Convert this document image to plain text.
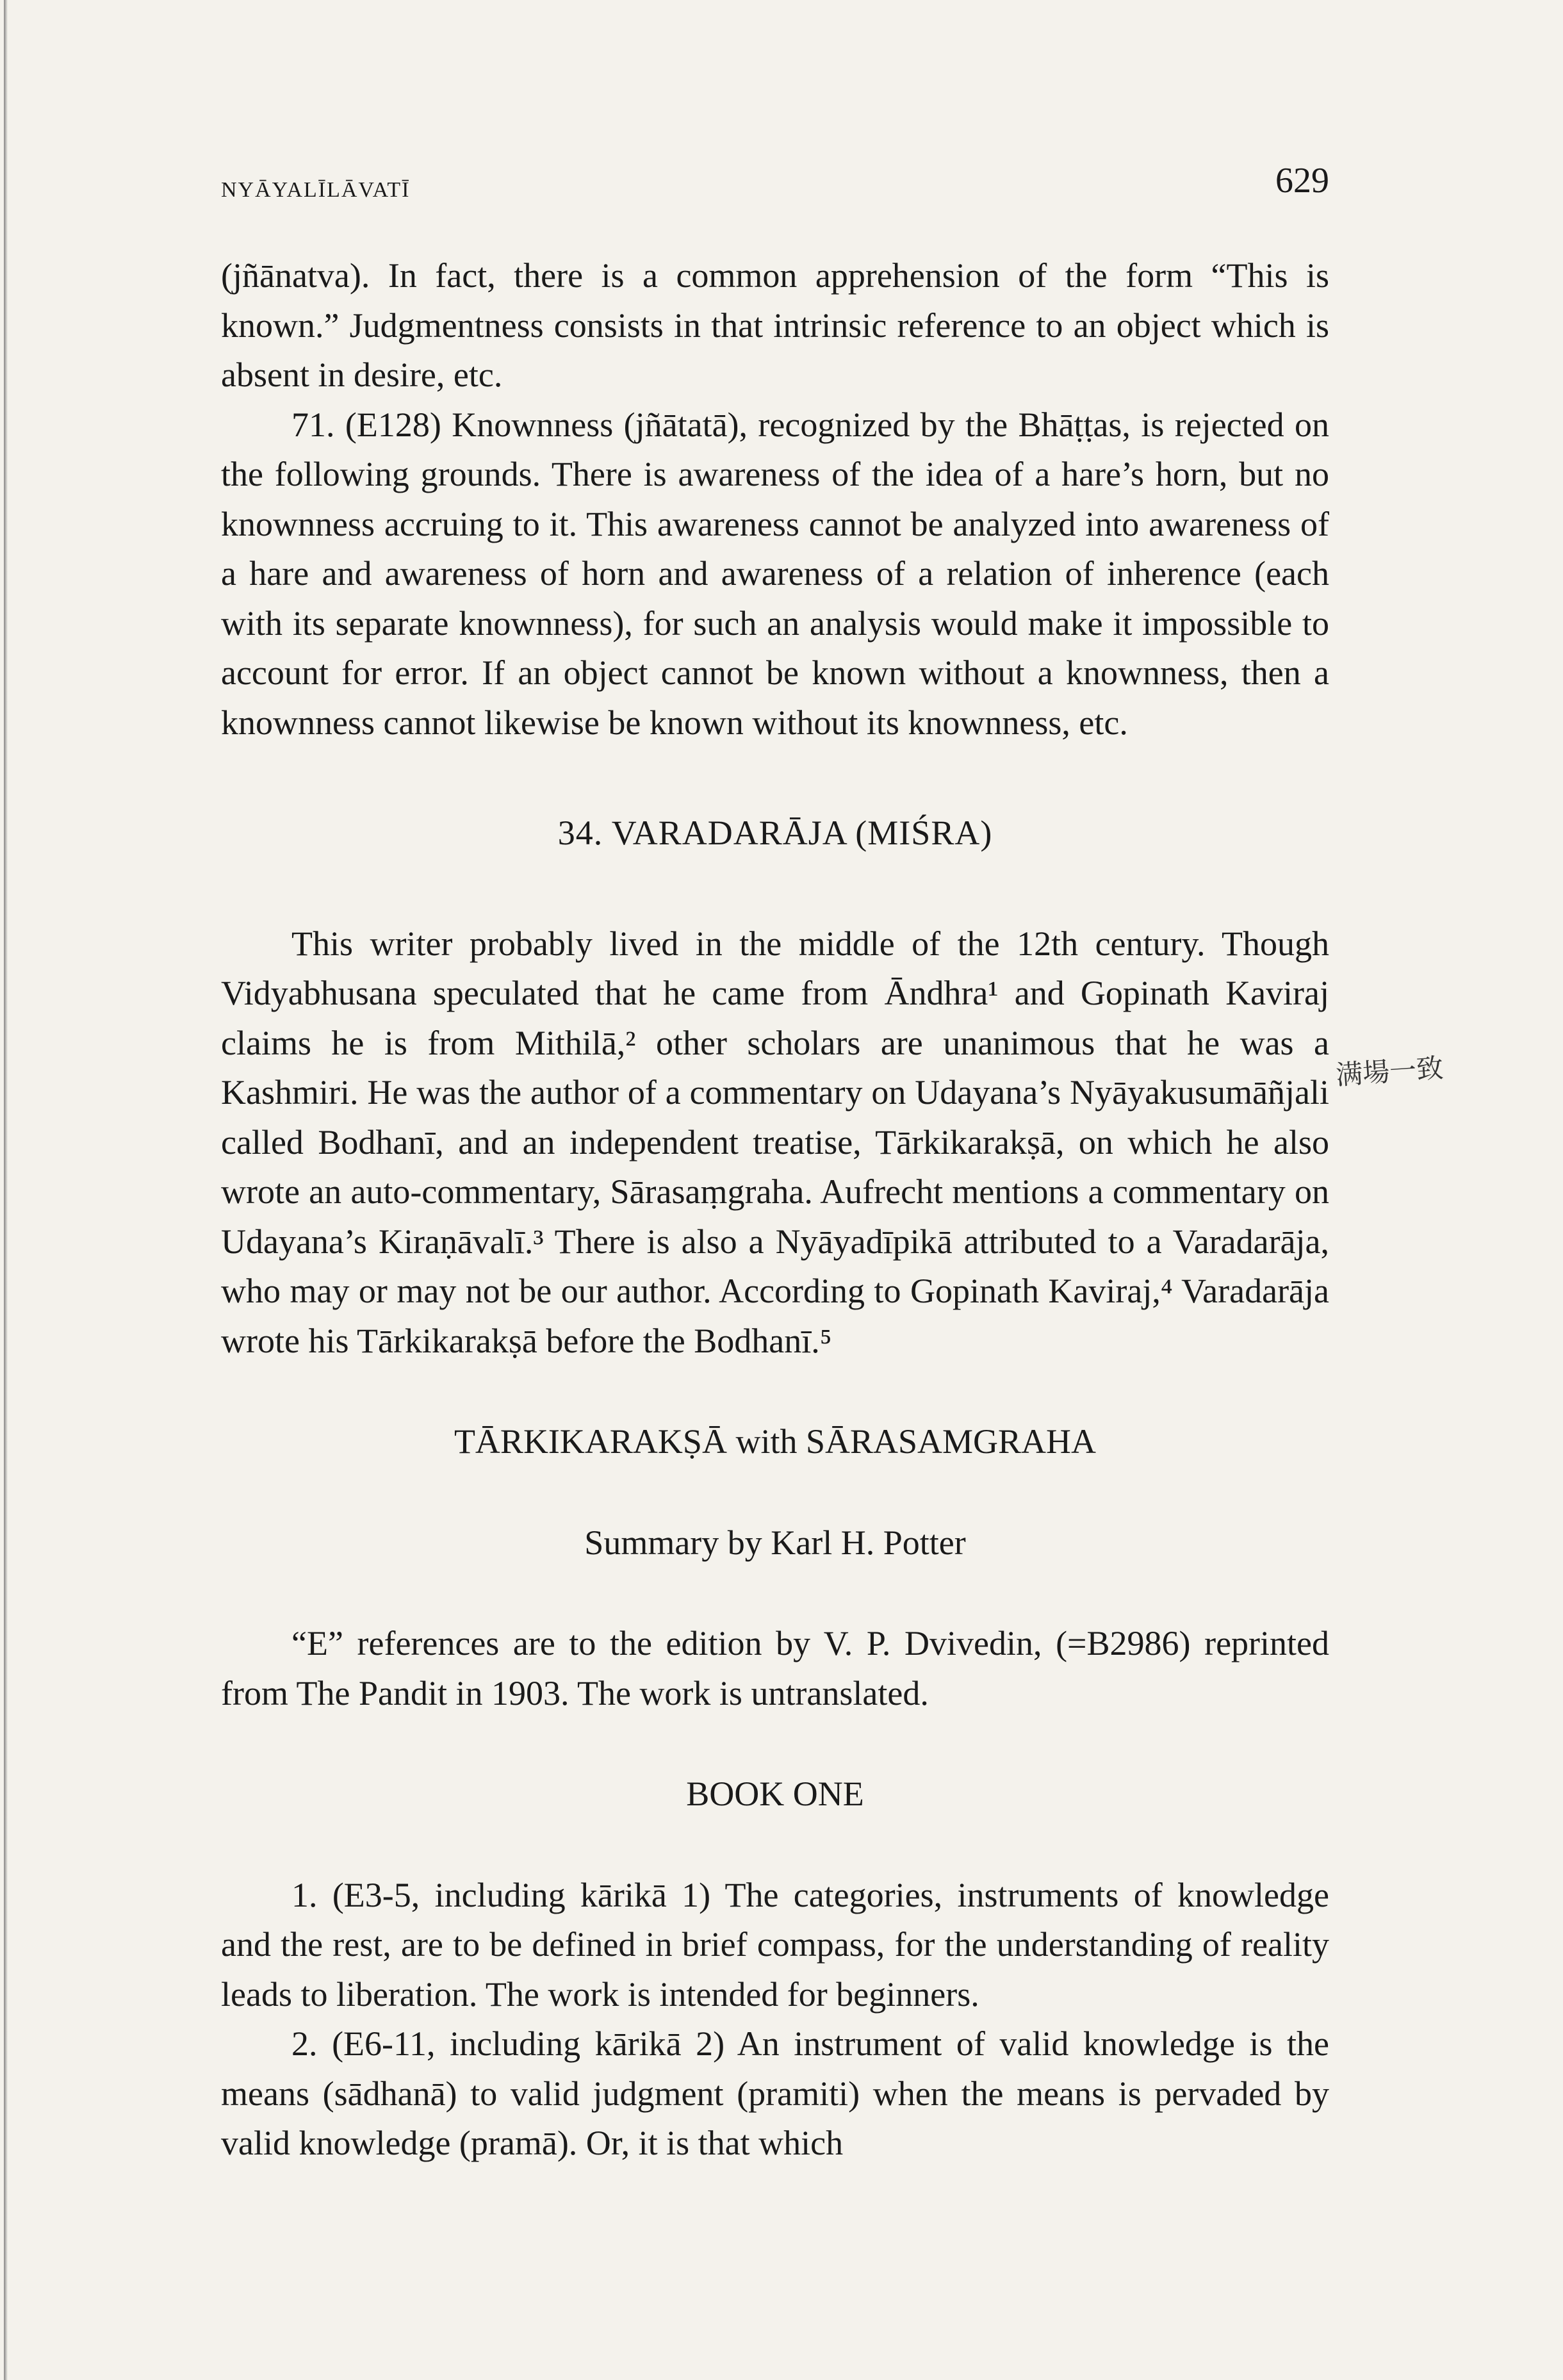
NYĀYALĪLĀVATĪ	629

(jñānatva). In fact, there is a common apprehension of the form “This is known.” Judgmentness consists in that intrinsic reference to an object which is absent in desire, etc.

71. (E128) Knownness (jñātatā), recognized by the Bhāṭṭas, is rejected on the following grounds. There is awareness of the idea of a hare’s horn, but no knownness accruing to it. This awareness cannot be analyzed into awareness of a hare and awareness of horn and awareness of a relation of inherence (each with its separate knownness), for such an analysis would make it impossible to account for error. If an object cannot be known without a knownness, then a knownness cannot likewise be known without its knownness, etc.

34. VARADARĀJA (MIŚRA)

This writer probably lived in the middle of the 12th century. Though Vidyabhusana speculated that he came from Āndhra¹ and Gopinath Kaviraj claims he is from Mithilā,² other scholars are unanimous that he was a Kashmiri. He was the author of a commentary on Udayana’s Nyāyakusumāñjali called Bodhanī, and an independent treatise, Tārkikarakṣā, on which he also wrote an auto-commentary, Sārasaṃgraha. Aufrecht mentions a commentary on Udayana’s Kiraṇāvalī.³ There is also a Nyāyadīpikā attributed to a Varadarāja, who may or may not be our author. According to Gopinath Kaviraj,⁴ Varadarāja wrote his Tārkikarakṣā before the Bodhanī.⁵

TĀRKIKARAKṢĀ with SĀRASAMGRAHA

Summary by Karl H. Potter

“E” references are to the edition by V. P. Dvivedin, (=B2986) reprinted from The Pandit in 1903. The work is untranslated.

BOOK ONE

1. (E3-5, including kārikā 1) The categories, instruments of knowledge and the rest, are to be defined in brief compass, for the understanding of reality leads to liberation. The work is intended for beginners.

2. (E6-11, including kārikā 2) An instrument of valid knowledge is the means (sādhanā) to valid judgment (pramiti) when the means is pervaded by valid knowledge (pramā). Or, it is that which

满場一致
